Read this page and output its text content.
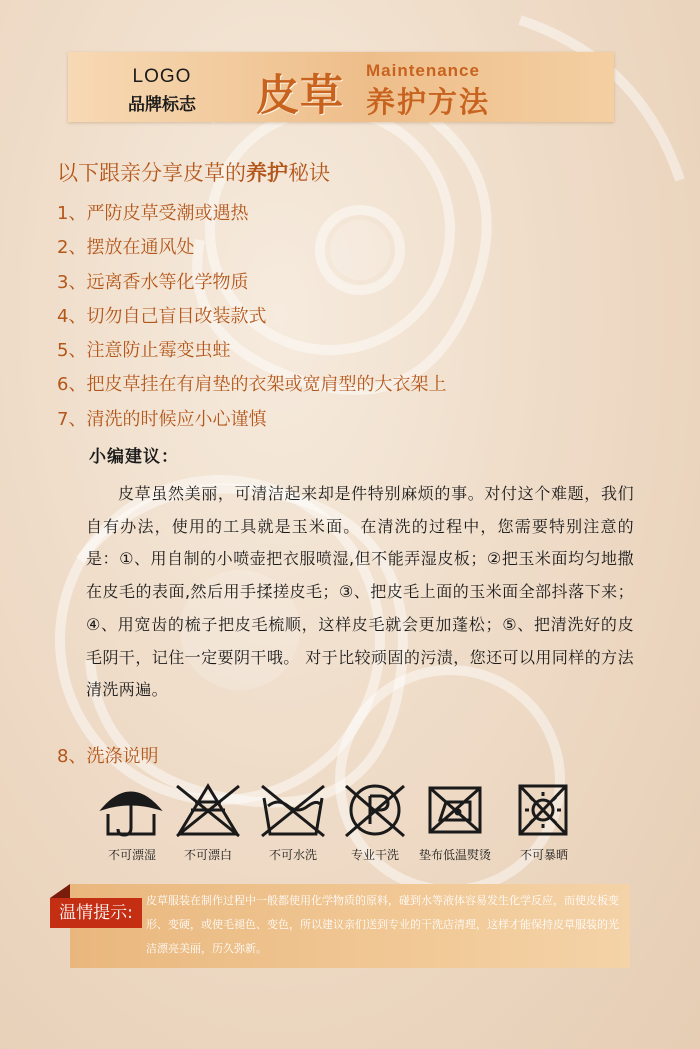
LOGO
品牌标志	皮草
Maintenance
养护方法
以下跟亲分享皮草的养护秘诀
1、严防皮草受潮或遇热
2、摆放在通风处
3、远离香水等化学物质
4、切勿自己盲目改装款式
5、注意防止霉变虫蛀
6、把皮草挂在有肩垫的衣架或宽肩型的大衣架上
7、清洗的时候应小心谨慎
小编建议：
皮草虽然美丽，可清洁起来却是件特别麻烦的事。对付这个难题，我们自有办法，使用的工具就是玉米面。在清洗的过程中，您需要特别注意的是：①、用自制的小喷壶把衣服喷湿,但不能弄湿皮板；②把玉米面均匀地撒在皮毛的表面,然后用手揉搓皮毛；③、把皮毛上面的玉米面全部抖落下来；④、用宽齿的梳子把皮毛梳顺，这样皮毛就会更加蓬松；⑤、把清洗好的皮毛阴干，记住一定要阴干哦。 对于比较顽固的污渍，您还可以用同样的方法清洗两遍。
8、洗涤说明
不可漂湿	不可漂白	不可水洗	专业干洗	垫布低温熨烫	不可暴晒
温情提示:
皮草服装在制作过程中一般都使用化学物质的原料，碰到水等液体容易发生化学反应，而使皮板变形、变硬，或使毛褪色、变色，所以建议亲们送到专业的干洗店清理，这样才能保持皮草服装的光洁漂亮美丽，历久弥新。
